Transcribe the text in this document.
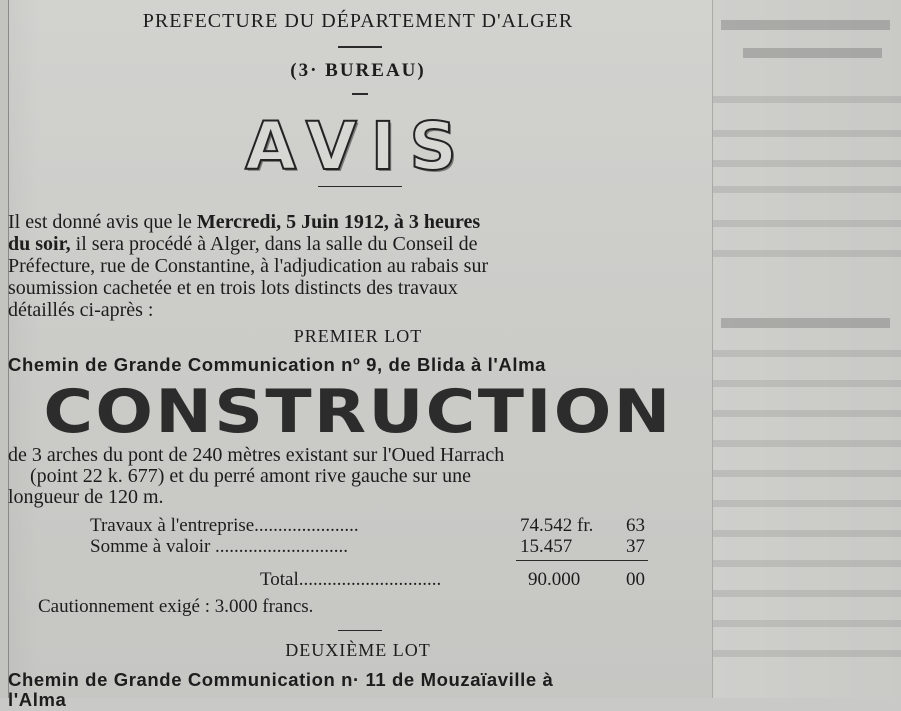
PREFECTURE DU DÉPARTEMENT D'ALGER
(3· BUREAU)
AVIS
Il est donné avis que le Mercredi, 5 Juin 1912, à 3 heures
du soir, il sera procédé à Alger, dans la salle du Conseil de
Préfecture, rue de Constantine, à l'adjudication au rabais sur
soumission cachetée et en trois lots distincts des travaux
détaillés ci-après :
PREMIER LOT
Chemin de Grande Communication nº 9, de Blida à l'Alma
CONSTRUCTION
de 3 arches du pont de 240 mètres existant sur l'Oued Harrach
(point 22 k. 677) et du perré amont rive gauche sur une
longueur de 120 m.
Travaux à l'entreprise......................	74.542 fr. 63
Somme à valoir ............................	15.457	37
Total..............................	90.000 00
Cautionnement exigé : 3.000 francs.
DEUXIÈME LOT
Chemin de Grande Communication n· 11 de Mouzaïaville à
l'Alma
